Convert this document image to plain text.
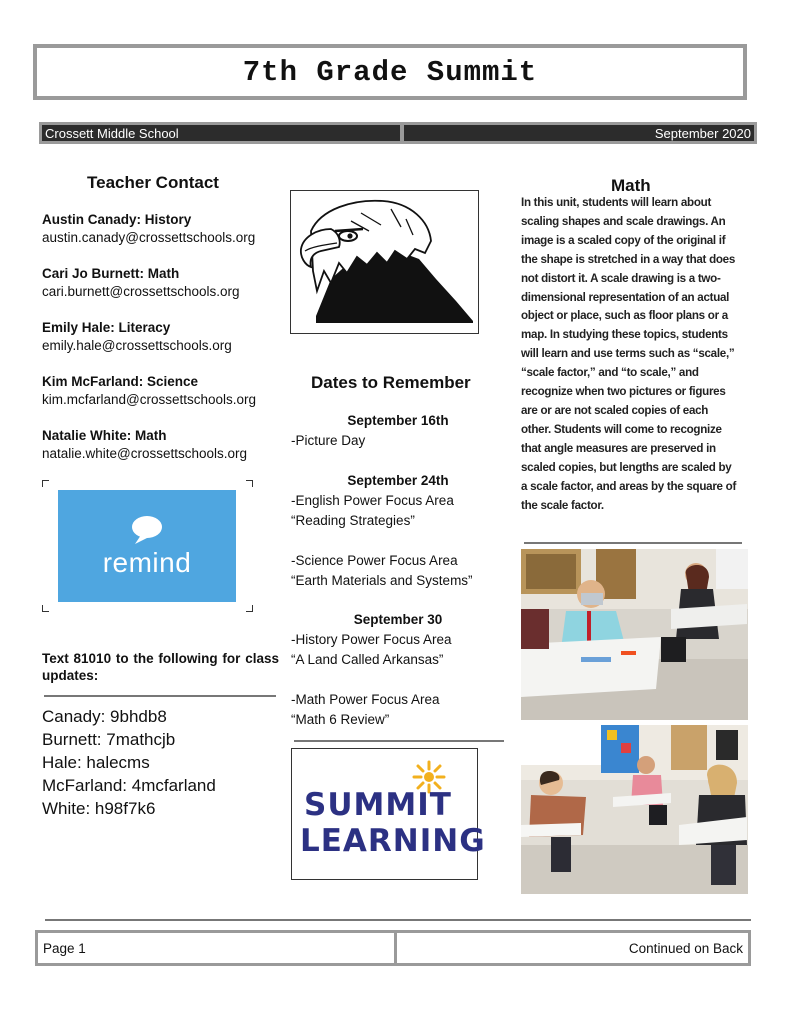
7th Grade Summit
Crossett Middle School	September 2020
Teacher Contact
Austin Canady: History
austin.canady@crossettschools.org
Cari Jo Burnett: Math
cari.burnett@crossettschools.org
Emily Hale: Literacy
emily.hale@crossettschools.org
Kim McFarland: Science
kim.mcfarland@crossettschools.org
Natalie White: Math
natalie.white@crossettschools.org
remind
Text 81010 to the following for class updates:
Canady: 9bhdb8
Burnett: 7mathcjb
Hale: halecms
McFarland: 4mcfarland
White: h98f7k6
Dates to Remember
September 16th
-Picture Day
September 24th
-English Power Focus Area
“Reading Strategies”
-Science Power Focus Area
“Earth Materials and Systems”
September 30
-History Power Focus Area
“A Land Called Arkansas”
-Math Power Focus Area
“Math 6 Review”
SUMMIT
LEARNING
Math
In this unit, students will learn about scaling shapes and scale drawings. An image is a scaled copy of the original if the shape is stretched in a way that does not distort it. A scale drawing is a two-dimensional representation of an actual object or place, such as floor plans or a map. In studying these topics, students will learn and use terms such as “scale,” “scale factor,” and “to scale,” and recognize when two pictures or figures are or are not scaled copies of each other. Students will come to recognize that angle measures are preserved in scaled copies, but lengths are scaled by a scale factor, and areas by the square of the scale factor.
Page 1	Continued on Back
